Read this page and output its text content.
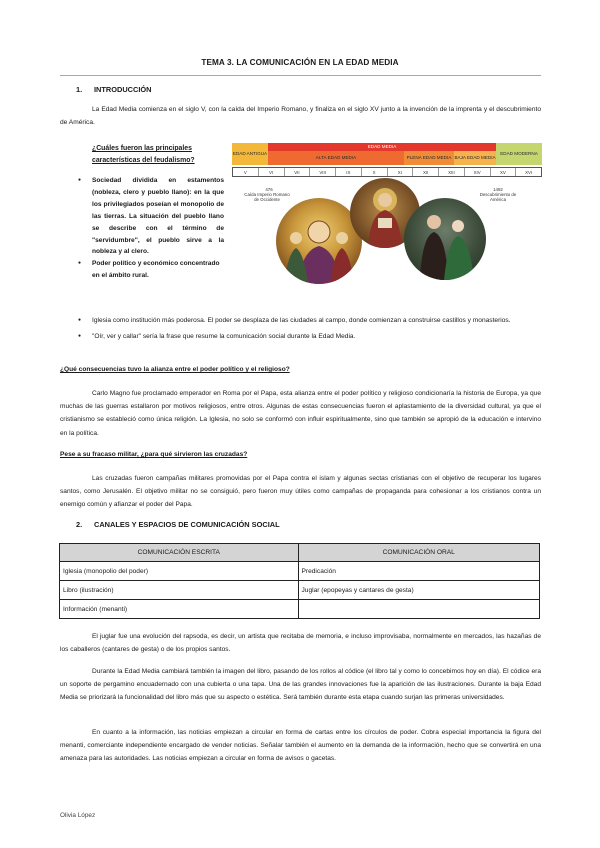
TEMA 3. LA COMUNICACIÓN EN LA EDAD MEDIA
1. INTRODUCCIÓN
La Edad Media comienza en el siglo V, con la caída del Imperio Romano, y finaliza en el siglo XV junto a la invención de la imprenta y el descubrimiento de América.
¿Cuáles fueron las principales características del feudalismo?
● Sociedad dividida en estamentos (nobleza, clero y pueblo llano): en la que los privilegiados poseían el monopolio de las tierras. La situación del pueblo llano se describe con el término de "servidumbre", el pueblo sirve a la nobleza y al clero.
● Poder político y económico concentrado en el ámbito rural.
● Iglesia como institución más poderosa. El poder se desplaza de las ciudades al campo, donde comienzan a construirse castillos y monasterios.
● "Oír, ver y callar" sería la frase que resume la comunicación social durante la Edad Media.
EDAD ANTIGUA
EDAD MEDIA
ALTA EDAD MEDIA	PLENA EDAD MEDIA BAJA EDAD MEDIA
EDAD MODERNA
V	VI	VII	VIII	IX	X	XI	XII	XIII	XIV	XV	XVI
476
Caída Imperio Romano de Occidente
1492
Descubrimiento de América
¿Qué consecuencias tuvo la alianza entre el poder político y el religioso?
Carlo Magno fue proclamado emperador en Roma por el Papa, esta alianza entre el poder político y religioso condicionaría la historia de Europa, ya que muchas de las guerras estallaron por motivos religiosos, entre otros. Algunas de estas consecuencias fueron el aplastamiento de la diversidad cultural, ya que el cristianismo se estableció como única religión. La Iglesia, no solo se conformó con influir espiritualmente, sino que también se apropió de la educación e intervino en la política.
Pese a su fracaso militar, ¿para qué sirvieron las cruzadas?
Las cruzadas fueron campañas militares promovidas por el Papa contra el islam y algunas sectas cristianas con el objetivo de recuperar los lugares santos, como Jerusalén. El objetivo militar no se consiguió, pero fueron muy útiles como campañas de propaganda para cohesionar a los cristianos contra un enemigo común y afianzar el poder del Papa.
2. CANALES Y ESPACIOS DE COMUNICACIÓN SOCIAL
COMUNICACIÓN ESCRITA	COMUNICACIÓN ORAL
Iglesia (monopolio del poder)	Predicación
Libro (ilustración)	Juglar (epopeyas y cantares de gesta)
Información (menanti)	
El juglar fue una evolución del rapsoda, es decir, un artista que recitaba de memoria, e incluso improvisaba, normalmente en mercados, las hazañas de los caballeros (cantares de gesta) o de los propios santos.
Durante la Edad Media cambiará también la imagen del libro, pasando de los rollos al códice (el libro tal y como lo concebimos hoy en día). El códice era un soporte de pergamino encuadernado con una cubierta o una tapa. Una de las grandes innovaciones fue la aparición de las ilustraciones. Durante la baja Edad Media se priorizará la funcionalidad del libro más que su aspecto o estética. Será también durante esta etapa cuando surjan las primeras universidades.
En cuanto a la información, las noticias empiezan a circular en forma de cartas entre los círculos de poder. Cobra especial importancia la figura del menanti, comerciante independiente encargado de vender noticias. Señalar también el aumento en la demanda de la información, hecho que se convertirá en una amenaza para las autoridades. Las noticias empiezan a circular en forma de avisos o gacetas.
Olivia López
